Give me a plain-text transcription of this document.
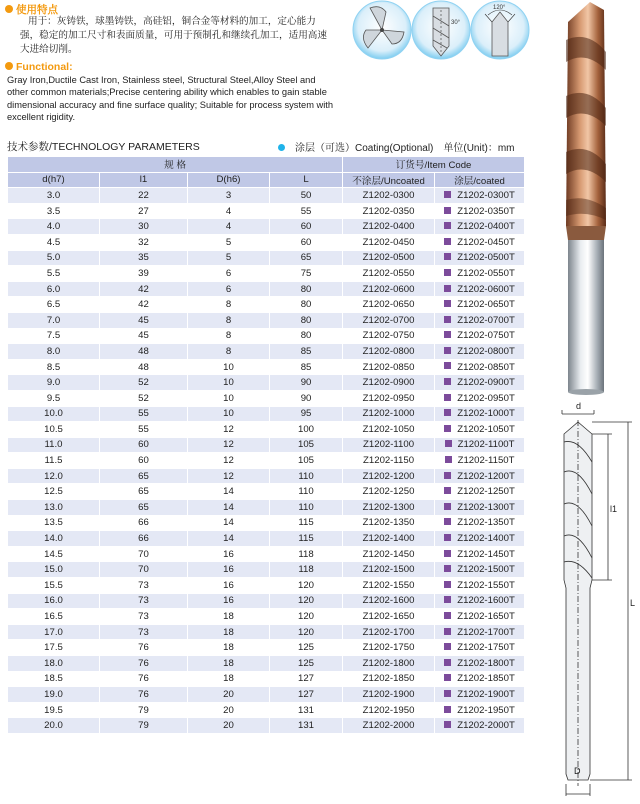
使用特点
用于：灰铸铁，球墨铸铁，高硅铝，铜合金等材料的加工，定心能力强，稳定的加工尺寸和表面质量，可用于预制孔和继续孔加工，适用高速大进给切削。
Functional:
Gray Iron,Ductile Cast Iron, Stainless steel, Structural Steel,Alloy Steel and other common materials;Precise centering ability which enables to gain stable dimensional accuracy and fine surface quality; Suitable for process system with excellent rigidity.
30°
120°
技术参数/TECHNOLOGY PARAMETERS	涂层（可选）Coating(Optional) 单位(Unit)：mm
规 格				订货号/Item Code	
d(h7)	l1	D(h6)	L	不涂层/Uncoated	涂层/coated
3.0	22	3	50	Z1202-0300	Z1202-0300T
3.5	27	4	55	Z1202-0350	Z1202-0350T
4.0	30	4	60	Z1202-0400	Z1202-0400T
4.5	32	5	60	Z1202-0450	Z1202-0450T
5.0	35	5	65	Z1202-0500	Z1202-0500T
5.5	39	6	75	Z1202-0550	Z1202-0550T
6.0	42	6	80	Z1202-0600	Z1202-0600T
6.5	42	8	80	Z1202-0650	Z1202-0650T
7.0	45	8	80	Z1202-0700	Z1202-0700T
7.5	45	8	80	Z1202-0750	Z1202-0750T
8.0	48	8	85	Z1202-0800	Z1202-0800T
8.5	48	10	85	Z1202-0850	Z1202-0850T
9.0	52	10	90	Z1202-0900	Z1202-0900T
9.5	52	10	90	Z1202-0950	Z1202-0950T
10.0	55	10	95	Z1202-1000	Z1202-1000T
10.5	55	12	100	Z1202-1050	Z1202-1050T
11.0	60	12	105	Z1202-1100	Z1202-1100T
11.5	60	12	105	Z1202-1150	Z1202-1150T
12.0	65	12	110	Z1202-1200	Z1202-1200T
12.5	65	14	110	Z1202-1250	Z1202-1250T
13.0	65	14	110	Z1202-1300	Z1202-1300T
13.5	66	14	115	Z1202-1350	Z1202-1350T
14.0	66	14	115	Z1202-1400	Z1202-1400T
14.5	70	16	118	Z1202-1450	Z1202-1450T
15.0	70	16	118	Z1202-1500	Z1202-1500T
15.5	73	16	120	Z1202-1550	Z1202-1550T
16.0	73	16	120	Z1202-1600	Z1202-1600T
16.5	73	18	120	Z1202-1650	Z1202-1650T
17.0	73	18	120	Z1202-1700	Z1202-1700T
17.5	76	18	125	Z1202-1750	Z1202-1750T
18.0	76	18	125	Z1202-1800	Z1202-1800T
18.5	76	18	127	Z1202-1850	Z1202-1850T
19.0	76	20	127	Z1202-1900	Z1202-1900T
19.5	79	20	131	Z1202-1950	Z1202-1950T
20.0	79	20	131	Z1202-2000	Z1202-2000T
d
l1
L
D
